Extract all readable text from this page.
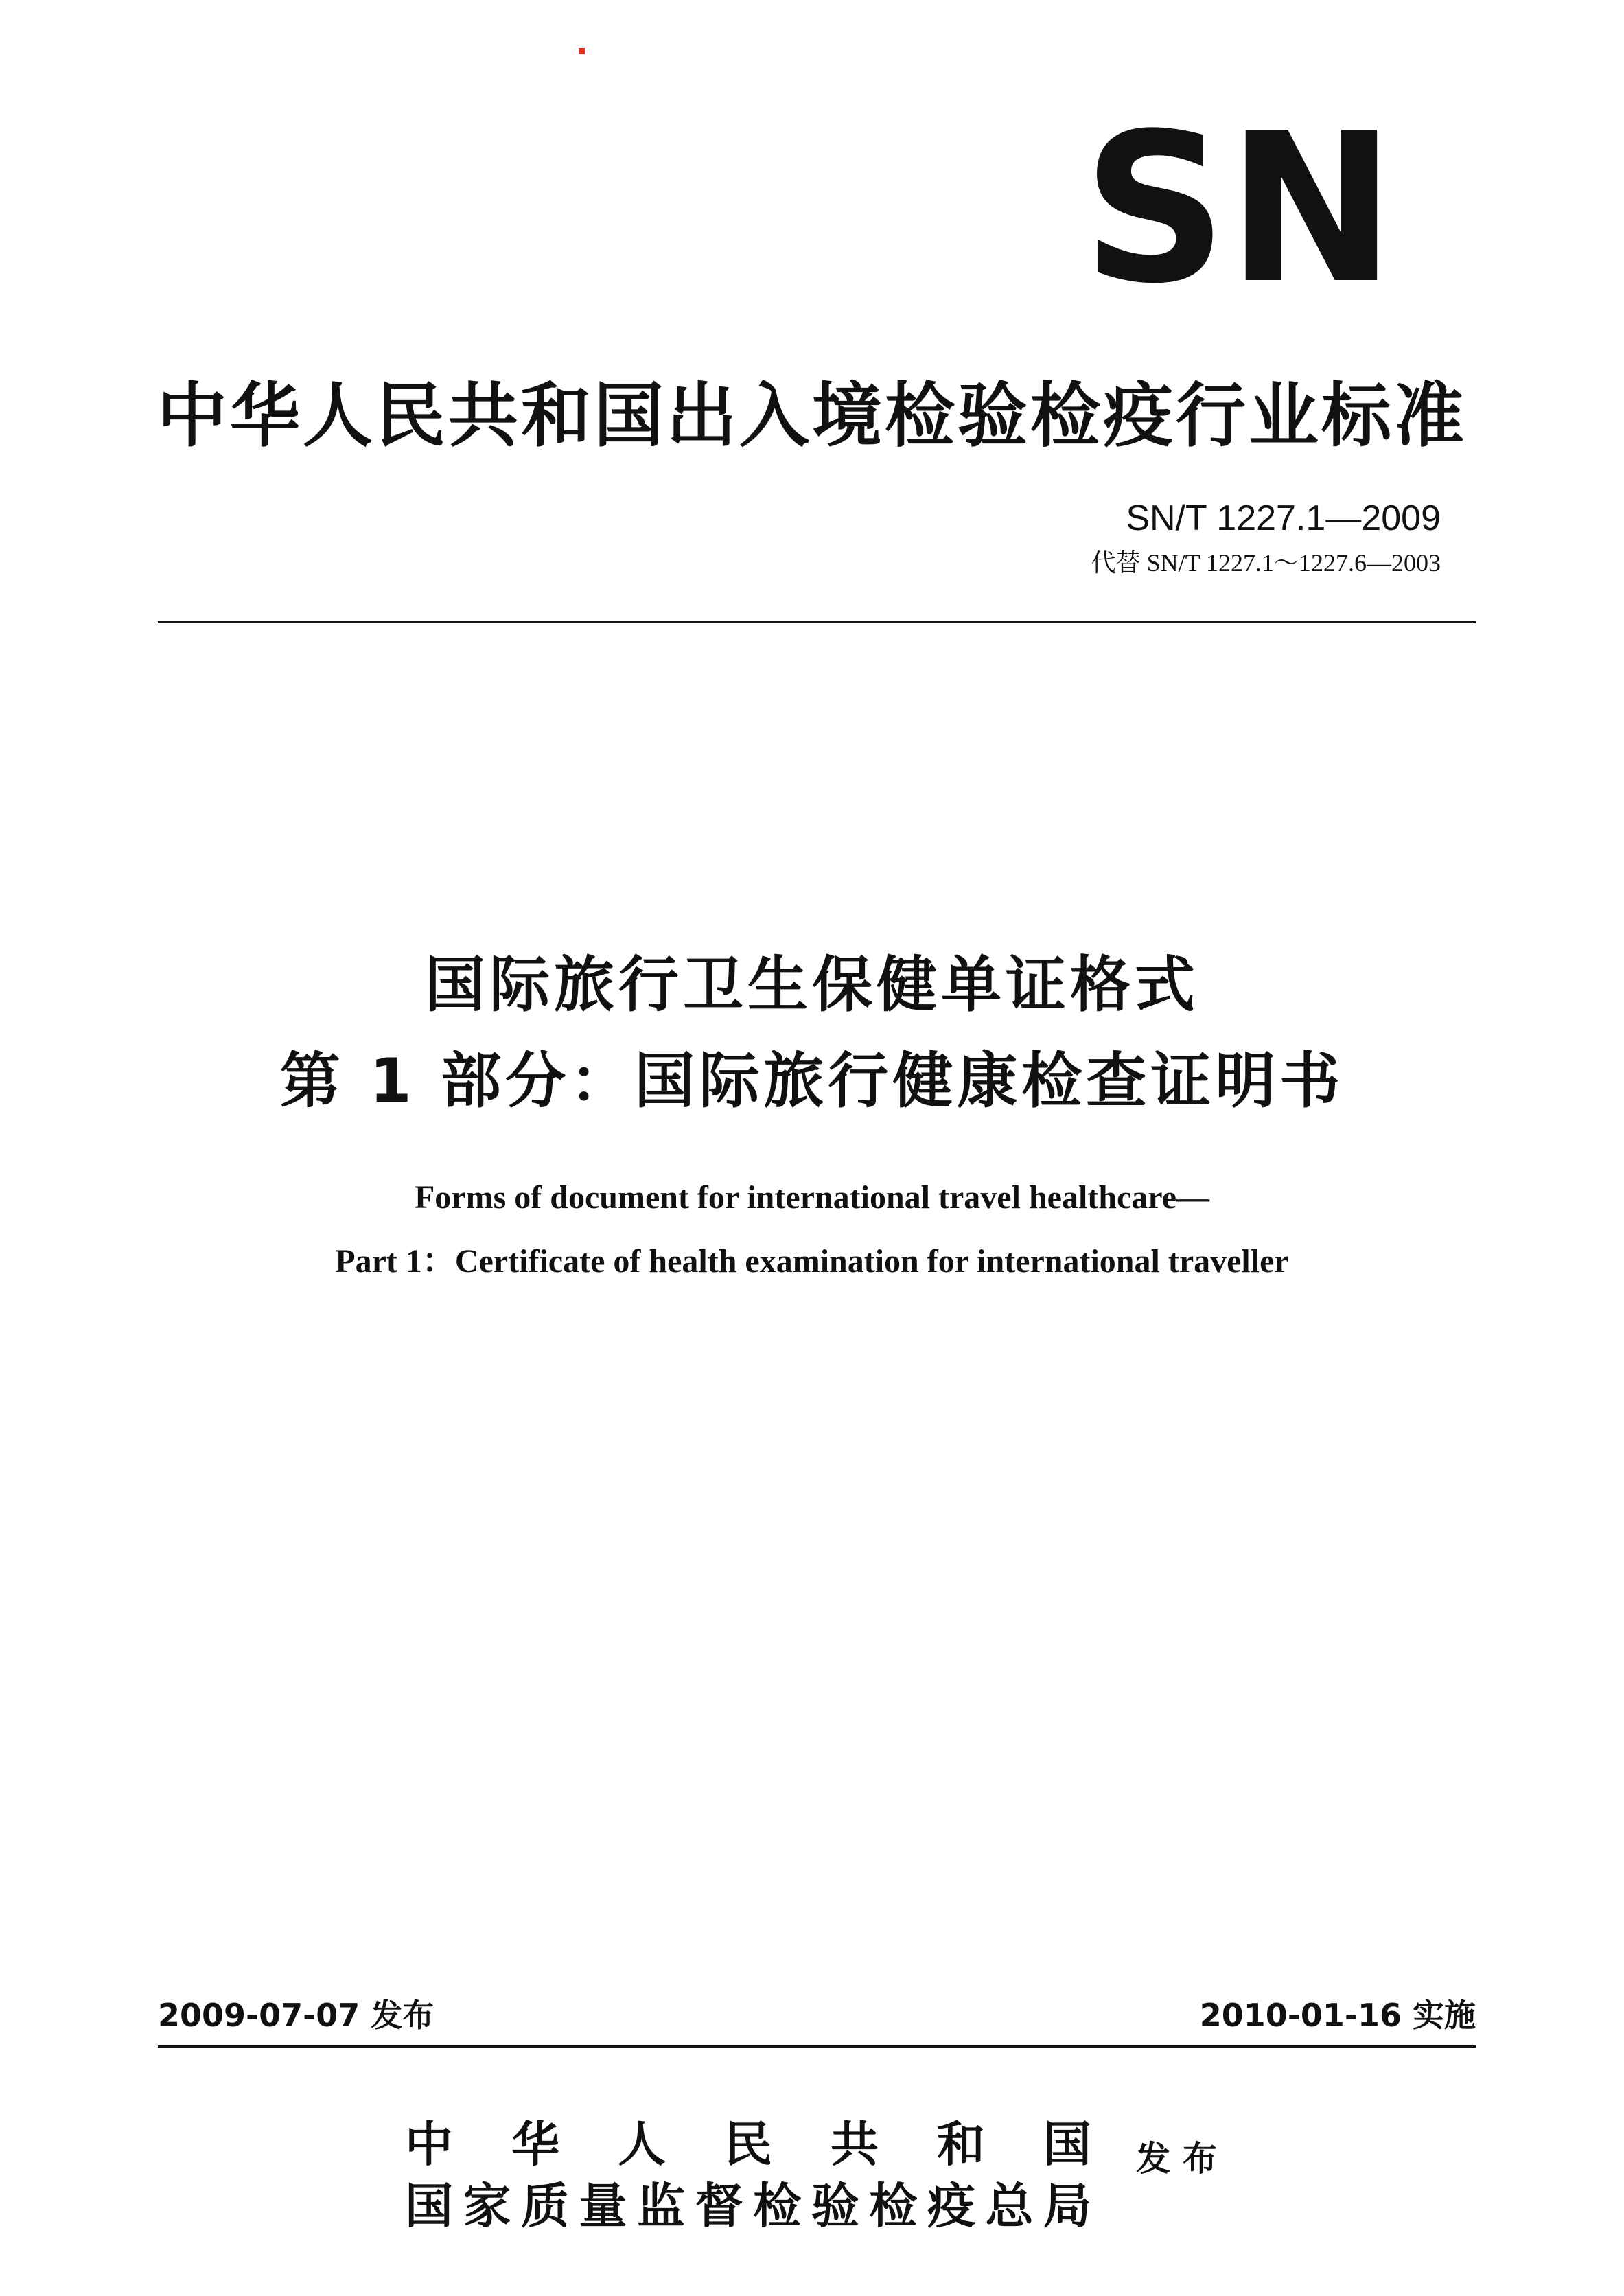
SN
中华人民共和国出入境检验检疫行业标准
SN/T 1227.1—2009
代替 SN/T 1227.1～1227.6—2003
国际旅行卫生保健单证格式
第 1 部分：国际旅行健康检查证明书
Forms of document for international travel healthcare—
Part 1：Certificate of health examination for international traveller
2009-07-07 发布	2010-01-16 实施
中 华 人 民 共 和 国
国家质量监督检验检疫总局
发布
